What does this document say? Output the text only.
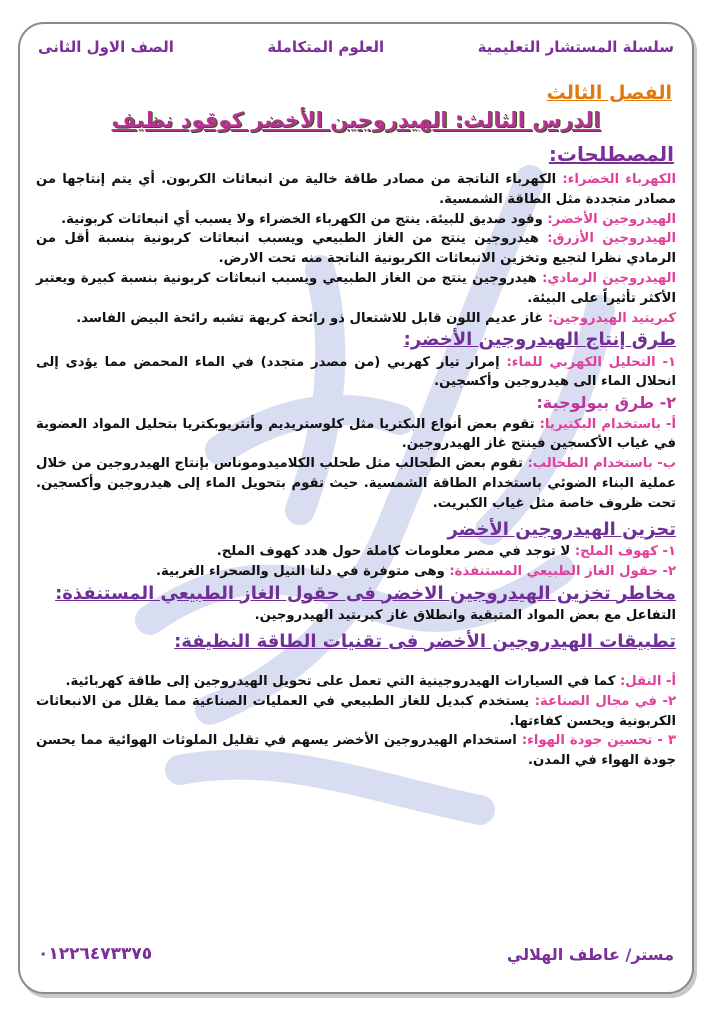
سلسلة المستشار التعليمية
العلوم المتكاملة
الصف الاول الثانى
الفصل الثالث
الدرس الثالث: الهيدروجين الأخضر كوقود نظيف
المصطلحات:

الكهرباء الخضراء: الكهرباء الناتجة من مصادر طاقة خالية من انبعاثات الكربون. أي يتم إنتاجها من مصادر متجددة مثل الطاقة الشمسية.

الهيدروجين الأخضر: وقود صديق للبيئة. ينتج من الكهرباء الخضراء ولا يسبب أي انبعاثات كربونية.

الهيدروجين الأزرق: هيدروجين ينتج من الغاز الطبيعي ويسبب انبعاثات كربونية بنسبة أقل من الرمادي نظرا لتجيع وتخزين الانبعاثات الكربونية الناتجة منه تحت الارض.

الهيدروجين الرمادي: هيدروجين ينتج من الغاز الطبيعي ويسبب انبعاثات كربونية بنسبة كبيرة ويعتبر الأكثر تأثيراً على البيئة.

كبريتيد الهيدروجين: غاز عديم اللون قابل للاشتعال ذو رائحة كريهة تشبه رائحة البيض الفاسد.

طرق إنتاج الهيدروجين الأخضر:

١- التحليل الكهربي للماء: إمرار تيار كهربي (من مصدر متجدد) في الماء المحمض مما يؤدى إلى انحلال الماء الى هيدروجين وأكسجين.

٢- طرق بيولوجية:

أ- باستخدام البكتيريا: تقوم بعض أنواع البكتريا مثل كلوستريديم وأنتريوبكتريا بتحليل المواد العضوية في غياب الأكسجين فينتج غاز الهيدروجين.

ب- باستخدام الطحالب: تقوم بعض الطحالب مثل طحلب الكلاميدوموناس بإنتاج الهيدروجين من خلال عملية البناء الضوئي باستخدام الطاقة الشمسية. حيث تقوم بتحويل الماء إلى هيدروجين وأكسجين. تحت ظروف خاصة مثل غياب الكبريت.

تحزين الهيدروجين الأخضر

١- كهوف الملح: لا توجد في مصر معلومات كاملة حول هدد كهوف الملح.

٢- حقول الغاز الطبيعي المستنفذة: وهى متوفرة في دلتا النيل والصحراء الغربية.

مخاطر تخزين الهيدروجين الاخضر فى حقول الغاز الطبيعي المستنفذة:

التفاعل مع بعض المواد المتبقية وانطلاق غاز كبريتيد الهيدروجين.

تطبيقات الهيدروجين الأخضر فى تقنيات الطاقة النظيفة:

أ- النقل: كما في السيارات الهيدروجينية التي تعمل على تحويل الهيدروجين إلى طاقة كهربائية.

٢- في مجال الصناعة: يستخدم كبديل للغاز الطبيعي في العمليات الصناعية مما يقلل من الانبعاثات الكربونية ويحسن كفاءتها.

٣ - تحسين جودة الهواء: استخدام الهيدروجين الأخضر يسهم في تقليل الملوثات الهوائية مما يحسن جودة الهواء في المدن.

مستر/ عاطف الهلالي
٠١٢٢٦٤٧٣٣٧٥
